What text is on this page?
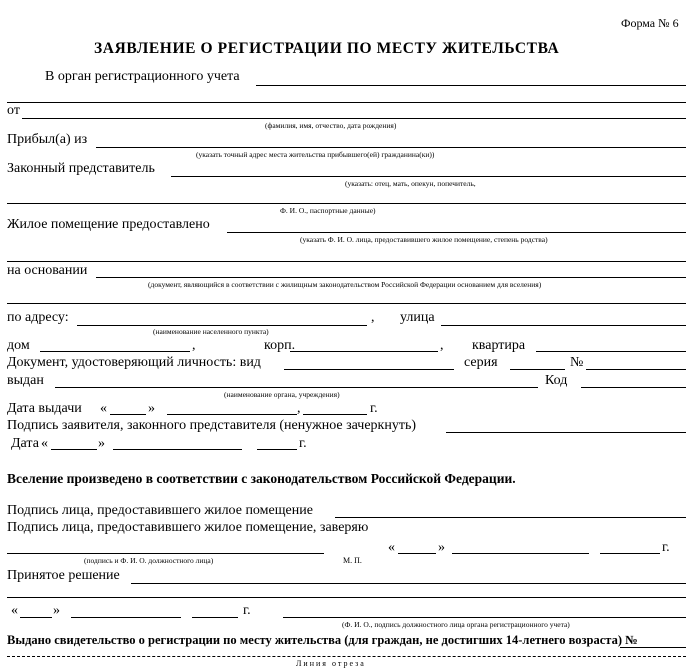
Форма № 6
ЗАЯВЛЕНИЕ О РЕГИСТРАЦИИ ПО МЕСТУ ЖИТЕЛЬСТВА
В орган регистрационного учета
от
(фамилия, имя, отчество, дата рождения)
Прибыл(а) из
(указать точный адрес места жительства прибывшего(ей) гражданина(ки))
Законный представитель
(указать: отец, мать, опекун, попечитель,
Ф. И. О., паспортные данные)
Жилое помещение предоставлено
(указать Ф. И. О. лица, предоставившего жилое помещение, степень родства)
на основании
(документ, являющийся в соответствии с жилищным законодательством Российской Федерации основанием для вселения)
по адресу:	,
(наименование населенного пункта)
улица
дом	,	корп.	, квартира
Документ, удостоверяющий личность: вид	серия	№
выдан
(наименование органа, учреждения)
Код
Дата выдачи «	»	,	г.
Подпись заявителя, законного представителя (ненужное зачеркнуть)
Дата «	»	г.
Вселение произведено в соответствии с законодательством Российской Федерации.
Подпись лица, предоставившего жилое помещение
Подпись лица, предоставившего жилое помещение, заверяю
(подпись и Ф. И. О. должностного лица)	М. П.
«	»	г.
Принятое решение
«	»	г.
(Ф. И. О., подпись должностного лица органа регистрационного учета)
Выдано свидетельство о регистрации по месту жительства (для граждан, не достигших 14-летнего возраста) №
Линия отреза
